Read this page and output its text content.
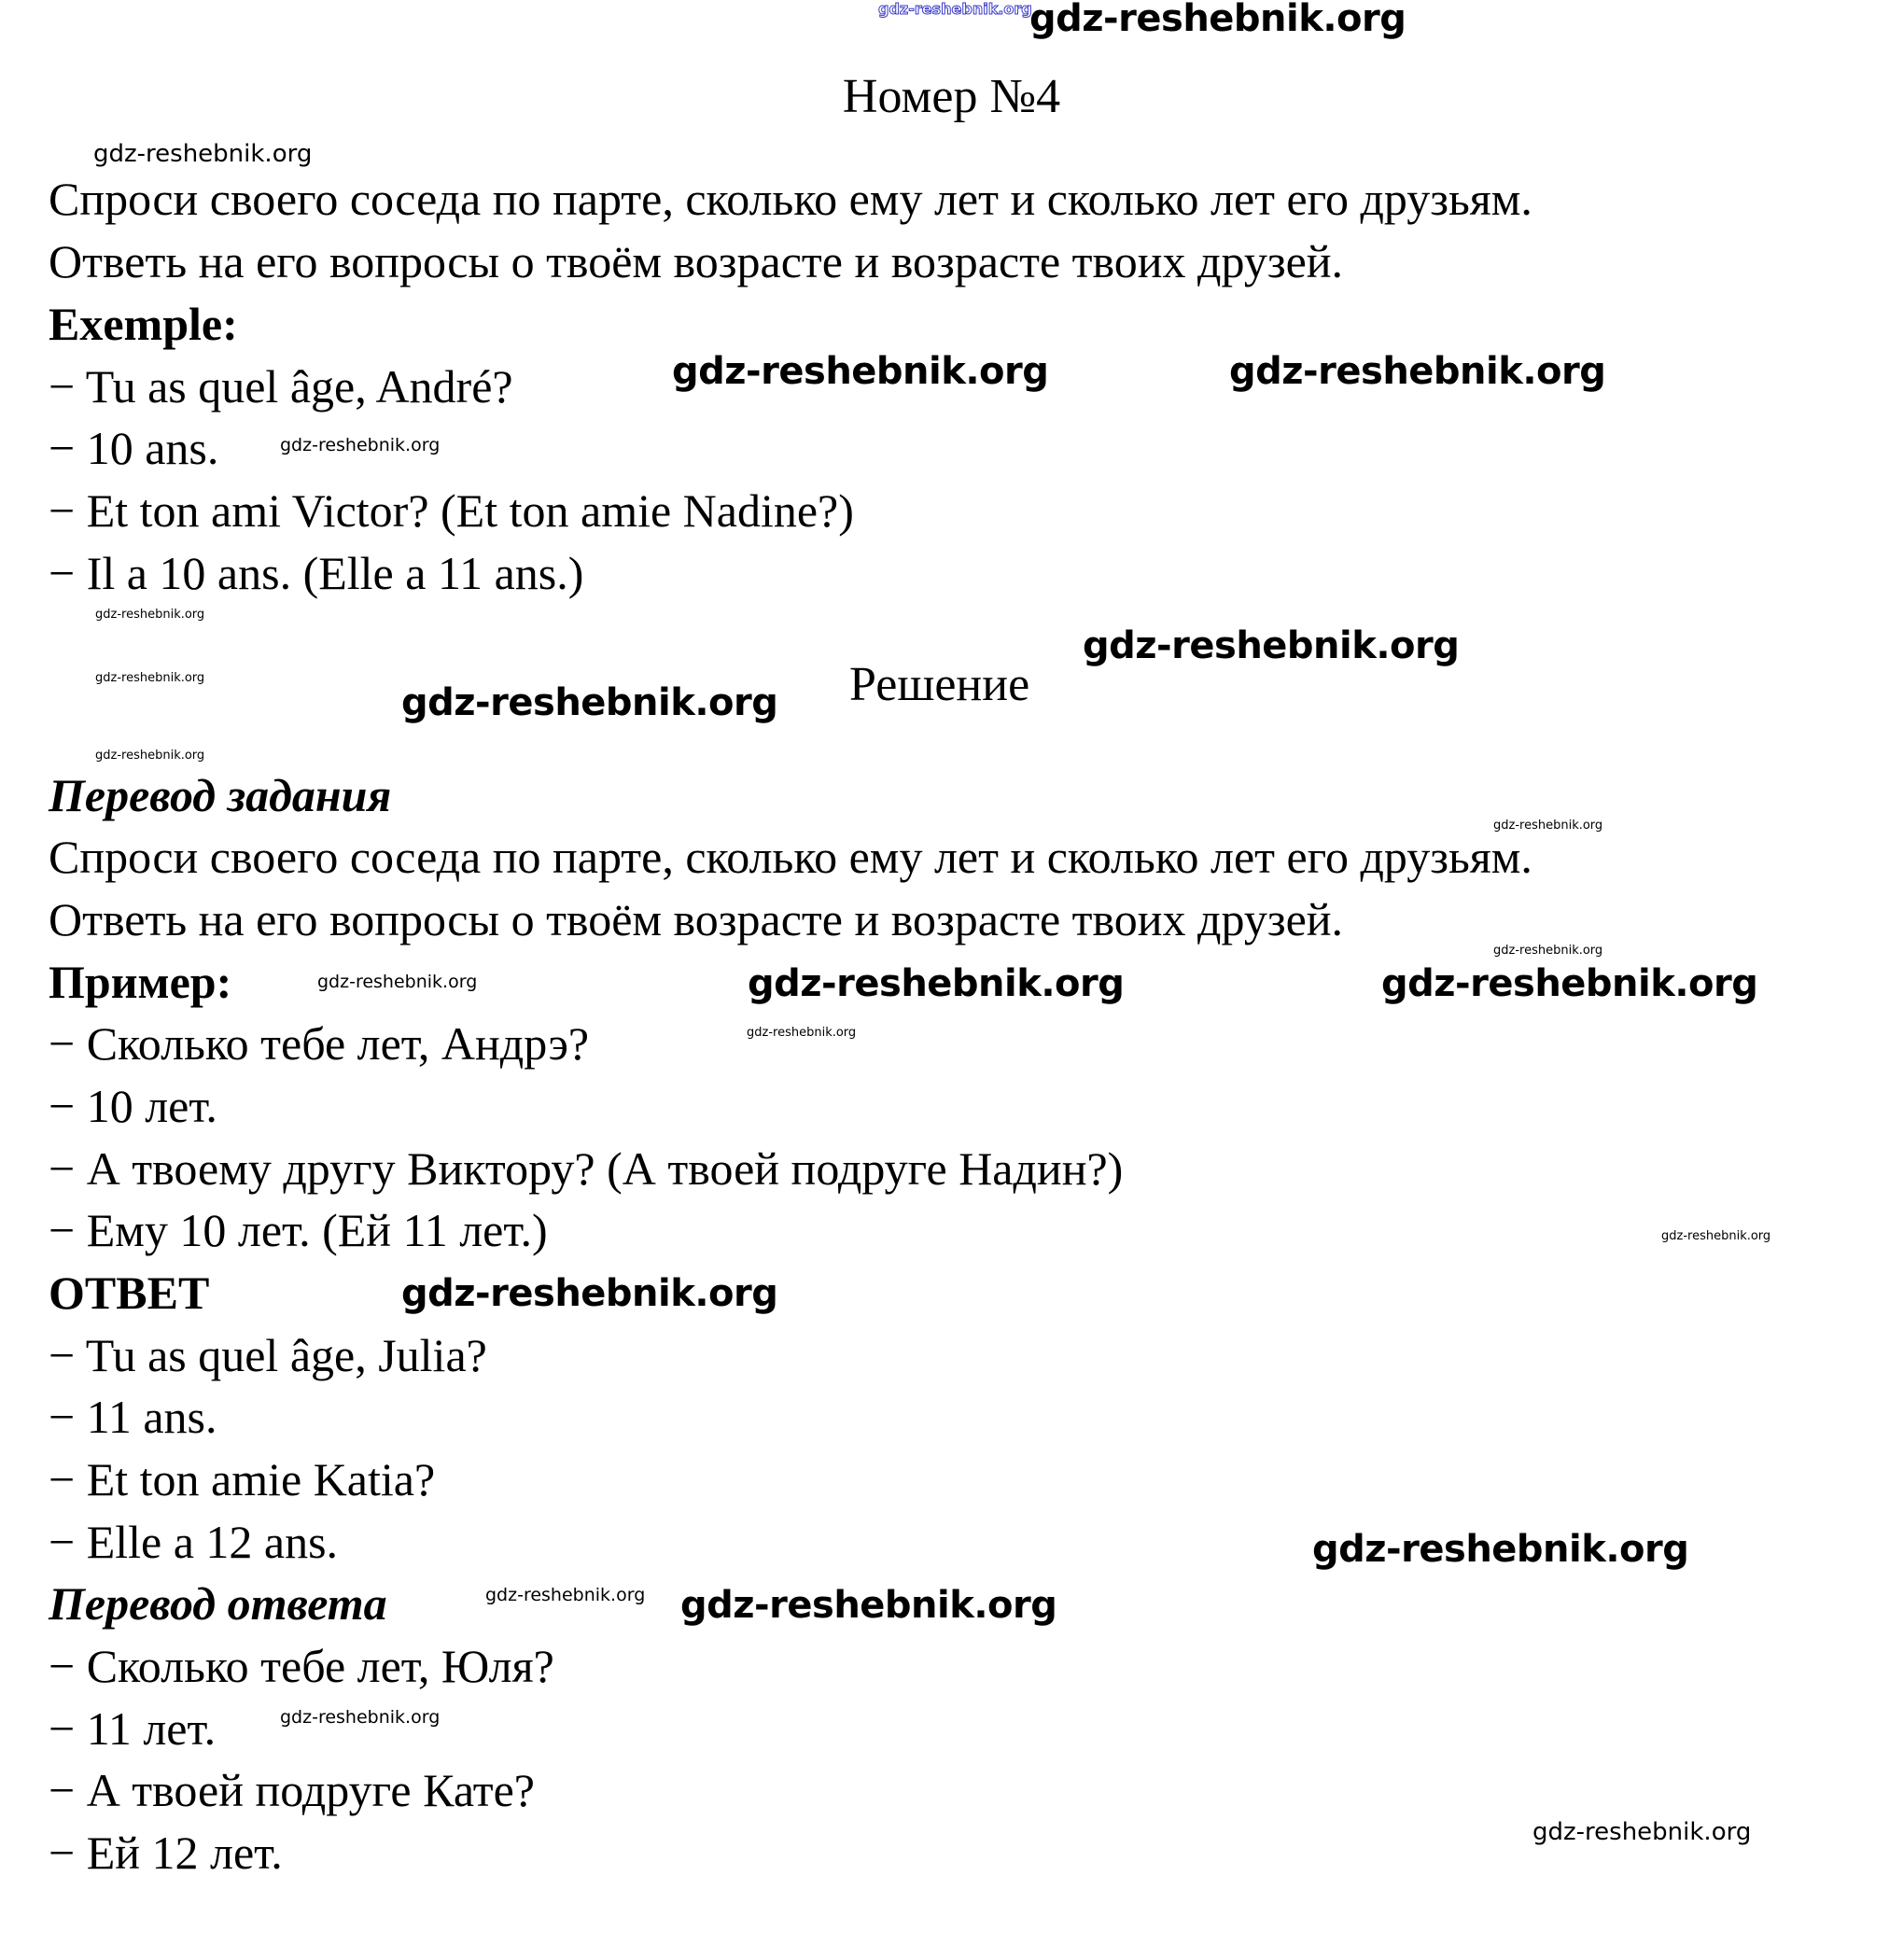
gdz-reshebnik.org
Номер №4
Спроси своего соседа по парте, сколько ему лет и сколько лет его друзьям.
Ответь на его вопросы о твоём возрасте и возрасте твоих друзей.
Exemple:
− Tu as quel âge, André?
− 10 ans.
− Et ton ami Victor? (Et ton amie Nadine?)
− Il a 10 ans. (Elle a 11 ans.)
Решение
Перевод задания
Спроси своего соседа по парте, сколько ему лет и сколько лет его друзьям.
Ответь на его вопросы о твоём возрасте и возрасте твоих друзей.
Пример:
− Сколько тебе лет, Андрэ?
− 10 лет.
− А твоему другу Виктору? (А твоей подруге Надин?)
− Ему 10 лет. (Ей 11 лет.)
ОТВЕТ
− Tu as quel âge, Julia?
− 11 ans.
− Et ton amie Katia?
− Elle a 12 ans.
Перевод ответа
− Сколько тебе лет, Юля?
− 11 лет.
− А твоей подруге Кате?
− Ей 12 лет.
gdz-reshebnik.org
gdz-reshebnik.org	gdz-reshebnik.org
gdz-reshebnik.org
gdz-reshebnik.org
gdz-reshebnik.org
gdz-reshebnik.org
gdz-reshebnik.org
gdz-reshebnik.org
gdz-reshebnik.org
gdz-reshebnik.org
gdz-reshebnik.org
gdz-reshebnik.org
gdz-reshebnik.org
gdz-reshebnik.org
gdz-reshebnik.org
gdz-reshebnik.org
gdz-reshebnik.org
gdz-reshebnik.org
gdz-reshebnik.org gdz-reshebnik.org
gdz-reshebnik.org
gdz-reshebnik.org
